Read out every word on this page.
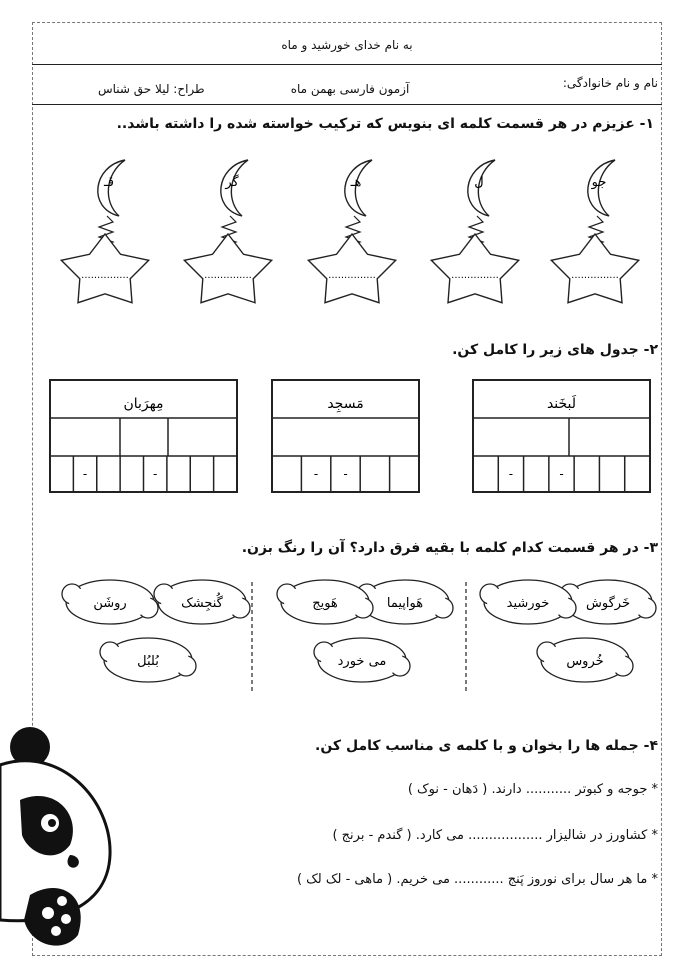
به نام خدای خورشید و ماه
نام و نام خانوادگی:
آزمون فارسی بهمن ماه
طراح: لیلا حق شناس
۱- عزیزم در هر قسمت کلمه ای بنویس که ترکیب خواسته شده را داشته باشد..
جو
...............
ل
...............
هـ
...............
گر
...............
قـ
...............
۲- جدول های زیر را کامل کن.
لَبخَند
-
-
مَسجِد
-
-
مِهرَبان
-
-
۳- در هر قسمت کدام کلمه با بقیه فرق دارد؟ آن را رنگ بزن.
خَرگوش
خورشید
خُروس
هَواپیما
هَویج
می خورد
گُنجِشک
روشَن
بُلبُل
۴- جمله ها را بخوان و با کلمه ی مناسب کامل کن.
* جوجه و کبوتر ........... دارند. ( دَهان - نوک )
* کشاورز در شالیزار .................. می کارد. ( گندم - برنج )
* ما هر سال برای نوروز پَنج ............ می خریم. ( ماهی - لک لک )
